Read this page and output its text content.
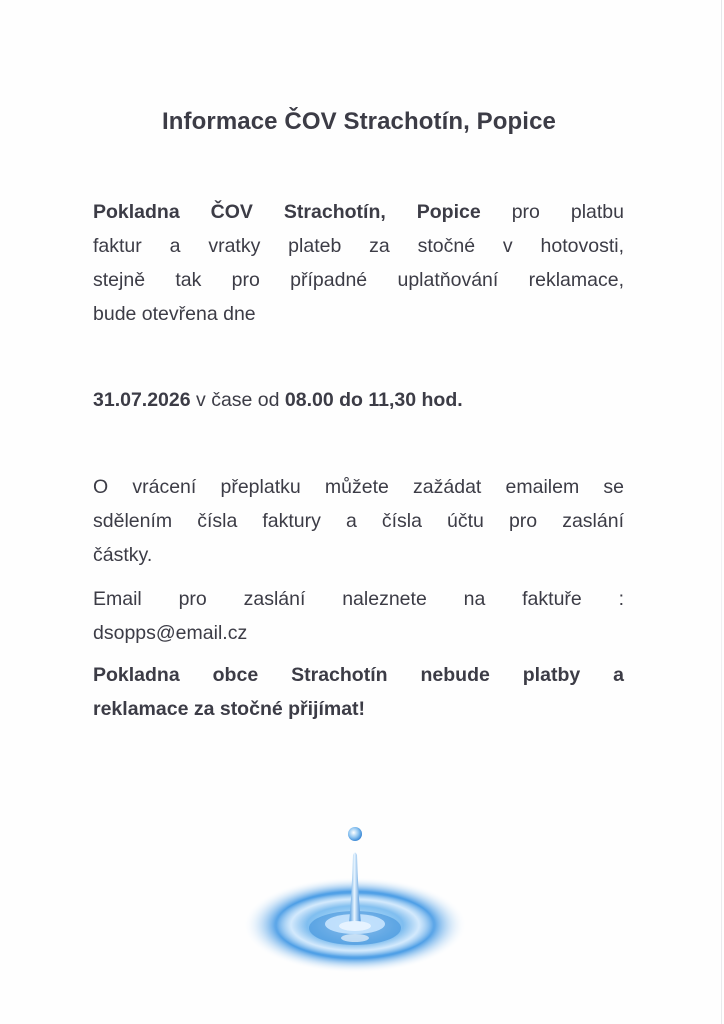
Informace ČOV Strachotín, Popice
Pokladna ČOV Strachotín, Popice pro platbu
faktur a vratky plateb za stočné v hotovosti,
stejně tak pro případné uplatňování reklamace,
bude otevřena dne
31.07.2026 v čase od 08.00 do 11,30 hod.
O vrácení přeplatku můžete zažádat emailem se
sdělením čísla faktury a čísla účtu pro zaslání
částky.
Email pro zaslání naleznete na faktuře :
dsopps@email.cz
Pokladna obce Strachotín nebude platby a
reklamace za stočné přijímat!
